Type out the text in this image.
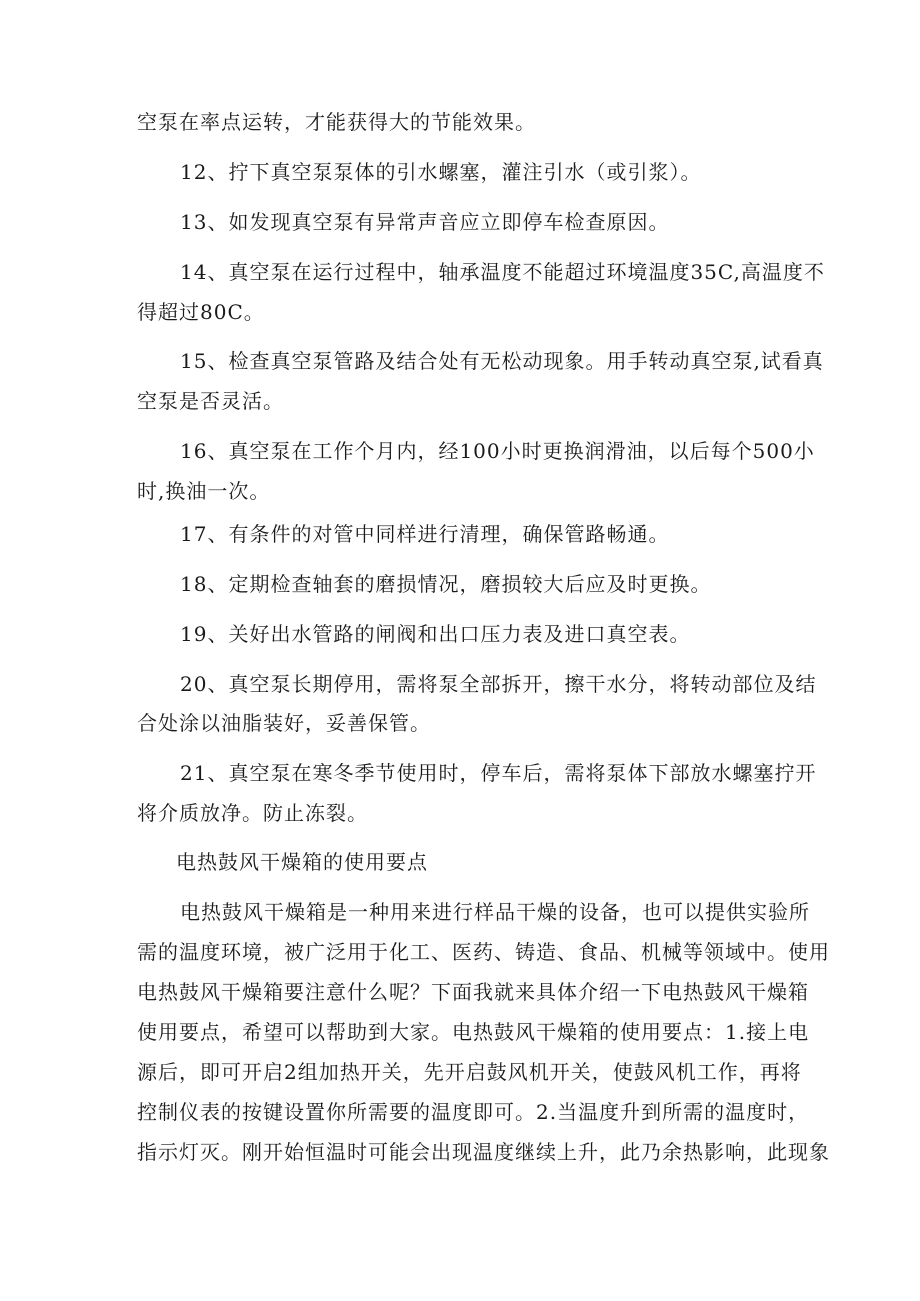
空泵在率点运转，才能获得大的节能效果。

12、拧下真空泵泵体的引水螺塞，灌注引水（或引浆）。

13、如发现真空泵有异常声音应立即停车检查原因。

14、真空泵在运行过程中，轴承温度不能超过环境温度35C,高温度不

得超过80C。

15、检查真空泵管路及结合处有无松动现象。用手转动真空泵,试看真

空泵是否灵活。

16、真空泵在工作个月内，经100小时更换润滑油，以后每个500小

时,换油一次。

17、有条件的对管中同样进行清理，确保管路畅通。

18、定期检查轴套的磨损情况，磨损较大后应及时更换。

19、关好出水管路的闸阀和出口压力表及进口真空表。

20、真空泵长期停用，需将泵全部拆开，擦干水分，将转动部位及结

合处涂以油脂装好，妥善保管。

21、真空泵在寒冬季节使用时，停车后，需将泵体下部放水螺塞拧开

将介质放净。防止冻裂。

电热鼓风干燥箱的使用要点

电热鼓风干燥箱是一种用来进行样品干燥的设备，也可以提供实验所

需的温度环境，被广泛用于化工、医药、铸造、食品、机械等领域中。使用

电热鼓风干燥箱要注意什么呢？下面我就来具体介绍一下电热鼓风干燥箱

使用要点，希望可以帮助到大家。电热鼓风干燥箱的使用要点：1.接上电

源后，即可开启2组加热开关，先开启鼓风机开关，使鼓风机工作，再将

控制仪表的按键设置你所需要的温度即可。2.当温度升到所需的温度时，

指示灯灭。刚开始恒温时可能会出现温度继续上升，此乃余热影响，此现象
